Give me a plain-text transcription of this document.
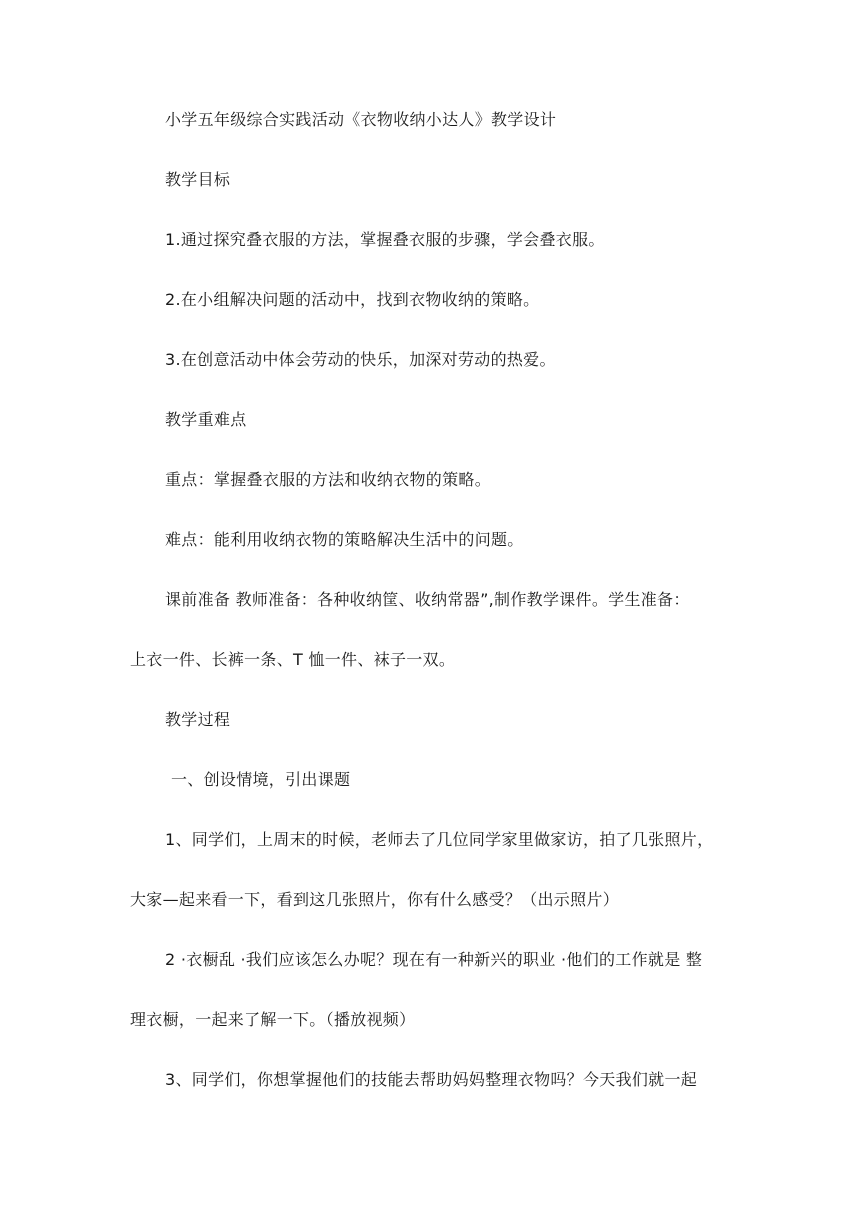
小学五年级综合实践活动《衣物收纳小达人》教学设计
教学目标
1.通过探究叠衣服的方法，掌握叠衣服的步骤，学会叠衣服。
2.在小组解决问题的活动中，找到衣物收纳的策略。
3.在创意活动中体会劳动的快乐，加深对劳动的热爱。
教学重难点
重点：掌握叠衣服的方法和收纳衣物的策略。
难点：能利用收纳衣物的策略解决生活中的问题。
课前准备 教师准备：各种收纳筐、收纳常器”,制作教学课件。学生准备：
上衣一件、长裤一条、T 恤一件、袜子一双。
教学过程
一、创设情境，引出课题
1、同学们，上周末的时候，老师去了几位同学家里做家访，拍了几张照片，
大家—起来看一下，看到这几张照片，你有什么感受？（出示照片）
2 ·衣橱乱 ·我们应该怎么办呢？现在有一种新兴的职业 ·他们的工作就是 整
理衣橱，一起来了解一下。（播放视频）
3、同学们，你想掌握他们的技能去帮助妈妈整理衣物吗？今天我们就一起
